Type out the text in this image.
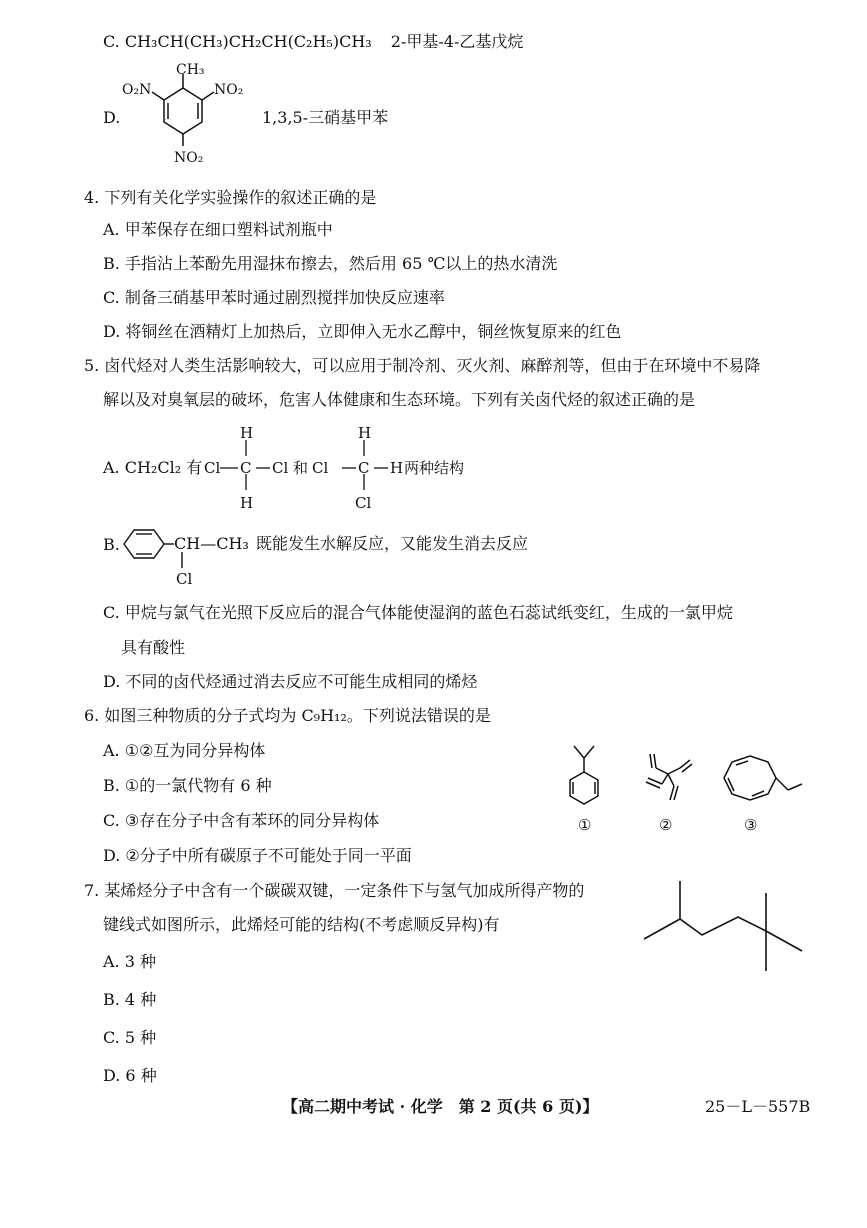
C. CH₃CH(CH₃)CH₂CH(C₂H₅)CH₃ 2-甲基-4-乙基戊烷
D.
CH₃
O₂N	NO₂
NO₂
1,3,5-三硝基甲苯
4. 下列有关化学实验操作的叙述正确的是
A. 甲苯保存在细口塑料试剂瓶中
B. 手指沾上苯酚先用湿抹布擦去，然后用 65 ℃以上的热水清洗
C. 制备三硝基甲苯时通过剧烈搅拌加快反应速率
D. 将铜丝在酒精灯上加热后，立即伸入无水乙醇中，铜丝恢复原来的红色
5. 卤代烃对人类生活影响较大，可以应用于制冷剂、灭火剂、麻醉剂等，但由于在环境中不易降
解以及对臭氧层的破坏，危害人体健康和生态环境。下列有关卤代烃的叙述正确的是
A. CH₂Cl₂ 有 Cl C Cl
H
H
和 Cl C H
H
Cl
两种结构
B.	CH—CH₃
Cl
既能发生水解反应，又能发生消去反应
C. 甲烷与氯气在光照下反应后的混合气体能使湿润的蓝色石蕊试纸变红，生成的一氯甲烷
具有酸性
D. 不同的卤代烃通过消去反应不可能生成相同的烯烃
6. 如图三种物质的分子式均为 C₉H₁₂。下列说法错误的是
A. ①②互为同分异构体
B. ①的一氯代物有 6 种
C. ③存在分子中含有苯环的同分异构体
D. ②分子中所有碳原子不可能处于同一平面
①	②	③
7. 某烯烃分子中含有一个碳碳双键，一定条件下与氢气加成所得产物的
键线式如图所示，此烯烃可能的结构(不考虑顺反异构)有
A. 3 种
B. 4 种
C. 5 种
D. 6 种
【高二期中考试 · 化学　第 2 页(共 6 页)】	25－L－557B
